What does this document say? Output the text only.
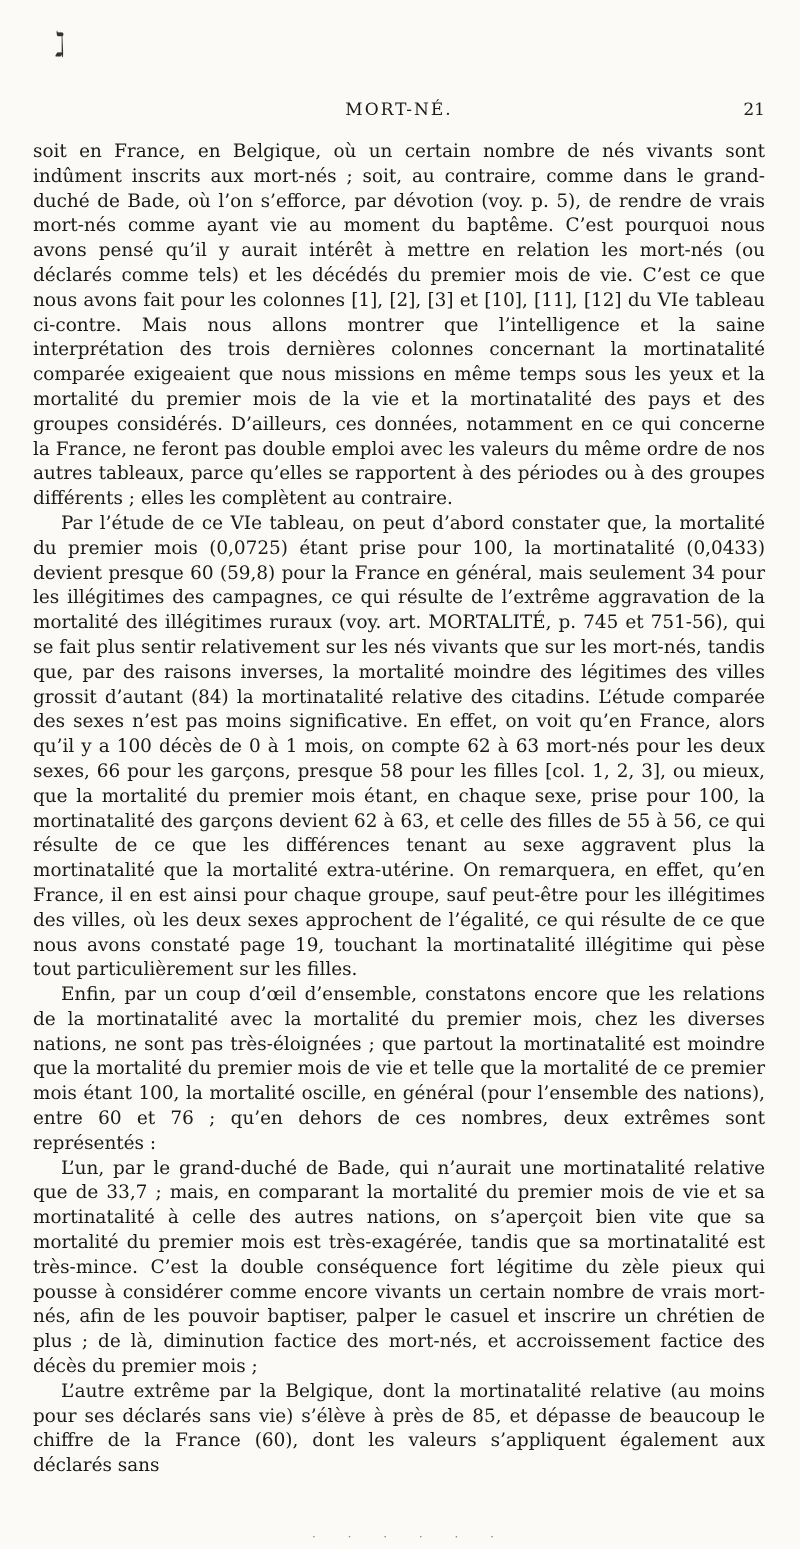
ℷ
MORT-NÉ.	21

soit en France, en Belgique, où un certain nombre de nés vivants sont indûment inscrits aux mort-nés ; soit, au contraire, comme dans le grand-duché de Bade, où l’on s’efforce, par dévotion (voy. p. 5), de rendre de vrais mort-nés comme ayant vie au moment du baptême. C’est pourquoi nous avons pensé qu’il y aurait intérêt à mettre en relation les mort-nés (ou déclarés comme tels) et les décédés du premier mois de vie. C’est ce que nous avons fait pour les colonnes [1], [2], [3] et [10], [11], [12] du VIe tableau ci-contre. Mais nous allons montrer que l’intelligence et la saine interprétation des trois dernières colonnes concernant la mortinatalité comparée exigeaient que nous missions en même temps sous les yeux et la mortalité du premier mois de la vie et la mortinatalité des pays et des groupes considérés. D’ailleurs, ces données, notamment en ce qui concerne la France, ne feront pas double emploi avec les valeurs du même ordre de nos autres tableaux, parce qu’elles se rapportent à des périodes ou à des groupes différents ; elles les complètent au contraire.

Par l’étude de ce VIe tableau, on peut d’abord constater que, la mortalité du premier mois (0,0725) étant prise pour 100, la mortinatalité (0,0433) devient presque 60 (59,8) pour la France en général, mais seulement 34 pour les illégitimes des campagnes, ce qui résulte de l’extrême aggravation de la mortalité des illégitimes ruraux (voy. art. MORTALITÉ, p. 745 et 751-56), qui se fait plus sentir relativement sur les nés vivants que sur les mort-nés, tandis que, par des raisons inverses, la mortalité moindre des légitimes des villes grossit d’autant (84) la mortinatalité relative des citadins. L’étude comparée des sexes n’est pas moins significative. En effet, on voit qu’en France, alors qu’il y a 100 décès de 0 à 1 mois, on compte 62 à 63 mort-nés pour les deux sexes, 66 pour les garçons, presque 58 pour les filles [col. 1, 2, 3], ou mieux, que la mortalité du premier mois étant, en chaque sexe, prise pour 100, la mortinatalité des garçons devient 62 à 63, et celle des filles de 55 à 56, ce qui résulte de ce que les différences tenant au sexe aggravent plus la mortinatalité que la mortalité extra-utérine. On remarquera, en effet, qu’en France, il en est ainsi pour chaque groupe, sauf peut-être pour les illégitimes des villes, où les deux sexes approchent de l’égalité, ce qui résulte de ce que nous avons constaté page 19, touchant la mortinatalité illégitime qui pèse tout particulièrement sur les filles.

Enfin, par un coup d’œil d’ensemble, constatons encore que les relations de la mortinatalité avec la mortalité du premier mois, chez les diverses nations, ne sont pas très-éloignées ; que partout la mortinatalité est moindre que la mortalité du premier mois de vie et telle que la mortalité de ce premier mois étant 100, la mortalité oscille, en général (pour l’ensemble des nations), entre 60 et 76 ; qu’en dehors de ces nombres, deux extrêmes sont représentés :

L’un, par le grand-duché de Bade, qui n’aurait une mortinatalité relative que de 33,7 ; mais, en comparant la mortalité du premier mois de vie et sa mortinatalité à celle des autres nations, on s’aperçoit bien vite que sa mortalité du premier mois est très-exagérée, tandis que sa mortinatalité est très-mince. C’est la double conséquence fort légitime du zèle pieux qui pousse à considérer comme encore vivants un certain nombre de vrais mort-nés, afin de les pouvoir baptiser, palper le casuel et inscrire un chrétien de plus ; de là, diminution factice des mort-nés, et accroissement factice des décès du premier mois ;

L’autre extrême par la Belgique, dont la mortinatalité relative (au moins pour ses déclarés sans vie) s’élève à près de 85, et dépasse de beaucoup le chiffre de la France (60), dont les valeurs s’appliquent également aux déclarés sans

· · · · · ·
